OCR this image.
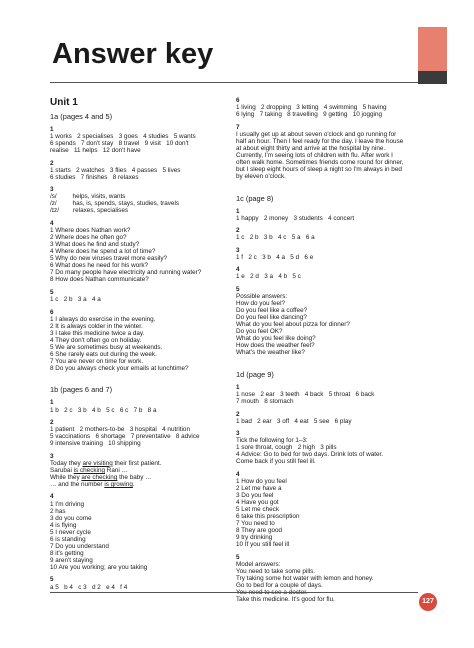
Answer key
Unit 1
1a (pages 4 and 5)
1
1 works   2 specialises   3 goes   4 studies   5 wants
6 spends   7 don't stay   8 travel   9 visit   10 don't
realise   11 helps   12 don't have
2
1 starts   2 watches   3 flies   4 passes   5 lives
6 studies   7 finishes   8 relaxes
3
/s/         helps, visits, wants
/z/         has, is, spends, stays, studies, travels
/ɪz/        relaxes, specialises
4
1 Where does Nathan work?
2 Where does he often go?
3 What does he find and study?
4 Where does he spend a lot of time?
5 Why do new viruses travel more easily?
6 What does he need for his work?
7 Do many people have electricity and running water?
8 How does Nathan communicate?
5
1 c   2 b   3 a   4 a
6
1 I always do exercise in the evening.
2 It is always colder in the winter.
3 I take this medicine twice a day.
4 They don't often go on holiday.
5 We are sometimes busy at weekends.
6 She rarely eats out during the week.
7 You are never on time for work.
8 Do you always check your emails at lunchtime?
1b (pages 6 and 7)
1
1 b   2 c   3 b   4 b   5 c   6 c   7 b   8 a
2
1 patient   2 mothers-to-be   3 hospital   4 nutrition
5 vaccinations   6 shortage   7 preventative   8 advice
9 intensive training   10 shipping
3
Today they are visiting their first patient.
Sarubai is checking Rani …
While they are checking the baby …
… and the number is growing.
4
1 I'm driving
2 has
3 do you come
4 is flying
5 I never cycle
6 is standing
7 Do you understand
8 it's getting
9 aren't staying
10 Are you working; are you taking
5
a 5   b 4   c 3   d 2   e 4   f 4
6
1 living   2 dropping   3 letting   4 swimming   5 having
6 lying   7 taking   8 travelling   9 getting   10 jogging
7
I usually get up at about seven o'clock and go running for
half an hour. Then I feel ready for the day. I leave the house
at about eight thirty and arrive at the hospital by nine.
Currently, I'm seeing lots of children with flu. After work I
often walk home. Sometimes friends come round for dinner,
but I sleep eight hours of sleep a night so I'm always in bed
by eleven o'clock.
1c (page 8)
1
1 happy   2 money   3 students   4 concert
2
1 c   2 b   3 b   4 c   5 a   6 a
3
1 f   2 c   3 b   4 a   5 d   6 e
4
1 e   2 d   3 a   4 b   5 c
5
Possible answers:
How do you feel?
Do you feel like a coffee?
Do you feel like dancing?
What do you feel about pizza for dinner?
Do you feel OK?
What do you feel like doing?
How does the weather feel?
What's the weather like?
1d (page 9)
1
1 nose   2 ear   3 teeth   4 back   5 throat   6 back
7 mouth   8 stomach
2
1 bad   2 ear   3 off   4 eat   5 see   6 play
3
Tick the following for 1–3:
1 sore throat, cough   2 high   3 pills
4 Advice: Go to bed for two days. Drink lots of water.
Come back if you still feel ill.
4
1 How do you feel
2 Let me have a
3 Do you feel
4 Have you got
5 Let me check
6 take this prescription
7 You need to
8 They are good
9 try drinking
10 If you still feel ill
5
Model answers:
You need to take some pills.
Try taking some hot water with lemon and honey.
Go to bed for a couple of days.
Take this medicine. It's good for flu.	127
